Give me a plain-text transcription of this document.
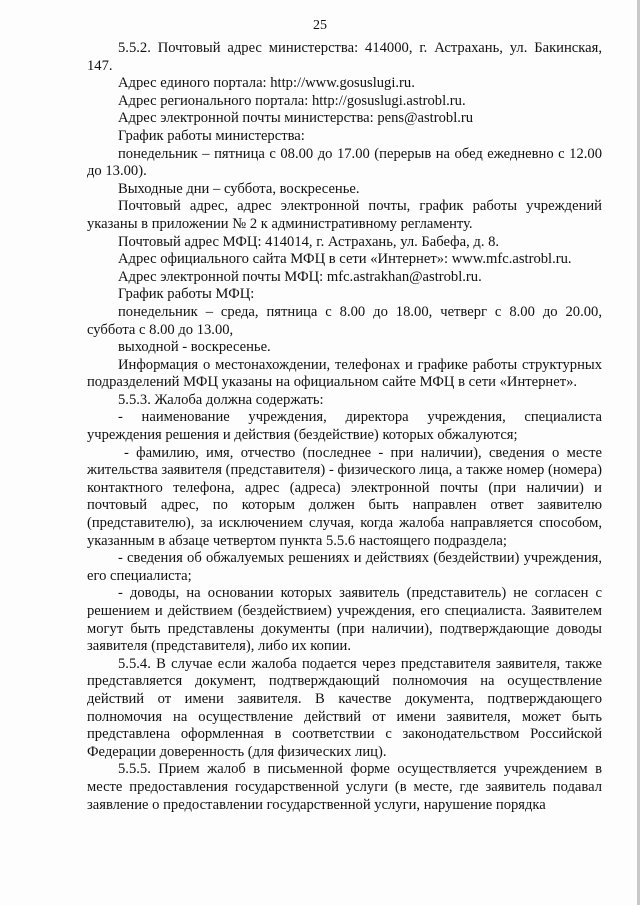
25

5.5.2. Почтовый адрес министерства: 414000, г. Астрахань, ул. Бакинская, 147.

Адрес единого портала: http://www.gosuslugi.ru.

Адрес регионального портала: http://gosuslugi.astrobl.ru.

Адрес электронной почты министерства: pens@astrobl.ru

График работы министерства:

понедельник – пятница с 08.00 до 17.00 (перерыв на обед ежедневно с 12.00 до 13.00).

Выходные дни – суббота, воскресенье.

Почтовый адрес, адрес электронной почты, график работы учреждений указаны в приложении № 2 к административному регламенту.

Почтовый адрес МФЦ: 414014, г. Астрахань, ул. Бабефа, д. 8.

Адрес официального сайта МФЦ в сети «Интернет»: www.mfc.astrobl.ru.

Адрес электронной почты МФЦ: mfc.astrakhan@astrobl.ru.

График работы МФЦ:

понедельник – среда, пятница с 8.00 до 18.00, четверг с 8.00 до 20.00, суббота с 8.00 до 13.00,

выходной - воскресенье.

Информация о местонахождении, телефонах и графике работы структурных подразделений МФЦ указаны на официальном сайте МФЦ в сети «Интернет».

5.5.3. Жалоба должна содержать:

- наименование учреждения, директора учреждения, специалиста учреждения решения и действия (бездействие) которых обжалуются;

- фамилию, имя, отчество (последнее - при наличии), сведения о месте жительства заявителя (представителя) - физического лица, а также номер (номера) контактного телефона, адрес (адреса) электронной почты (при наличии) и почтовый адрес, по которым должен быть направлен ответ заявителю (представителю), за исключением случая, когда жалоба направляется способом, указанным в абзаце четвертом пункта 5.5.6 настоящего подраздела;

- сведения об обжалуемых решениях и действиях (бездействии) учреждения, его специалиста;

- доводы, на основании которых заявитель (представитель) не согласен с решением и действием (бездействием) учреждения, его специалиста. Заявителем могут быть представлены документы (при наличии), подтверждающие доводы заявителя (представителя), либо их копии.

5.5.4. В случае если жалоба подается через представителя заявителя, также представляется документ, подтверждающий полномочия на осуществление действий от имени заявителя. В качестве документа, подтверждающего полномочия на осуществление действий от имени заявителя, может быть представлена оформленная в соответствии с законодательством Российской Федерации доверенность (для физических лиц).

5.5.5. Прием жалоб в письменной форме осуществляется учреждением в месте предоставления государственной услуги (в месте, где заявитель подавал заявление о предоставлении государственной услуги, нарушение порядка
